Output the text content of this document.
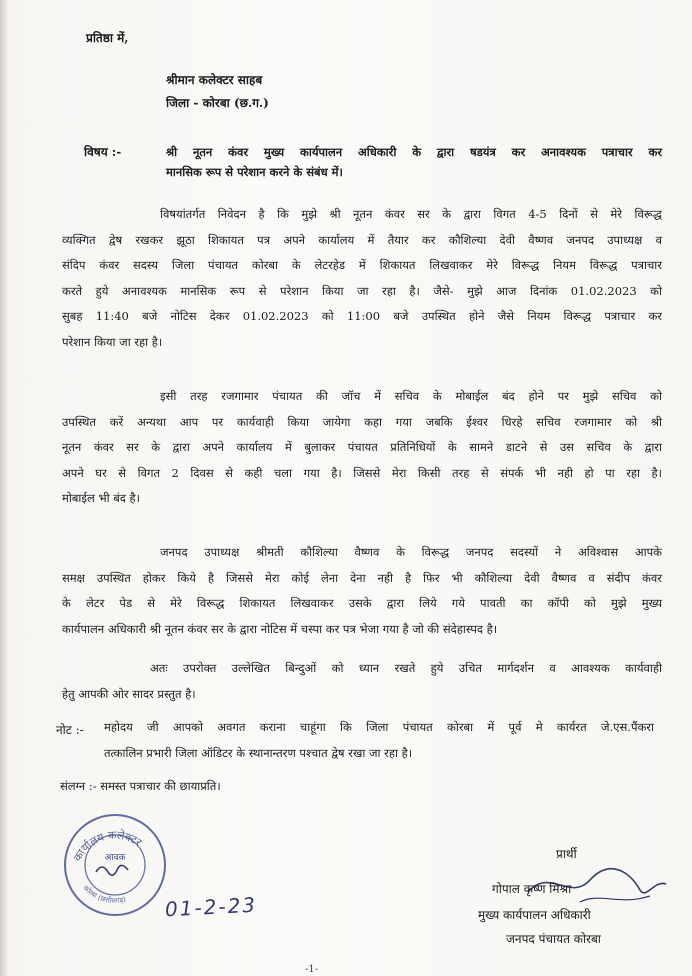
प्रतिष्ठा में,
श्रीमान कलेक्टर साहब
जिला - कोरबा (छ.ग.)
विषय :-	श्री नूतन कंवर मुख्य कार्यपालन अधिकारी के द्वारा षडयंत्र कर अनावश्यक पत्राचार कर
मानसिक रूप से परेशान करने के संबंध में।
विषयांतर्गत निवेदन है कि मुझे श्री नूतन कंवर सर के द्वारा विगत 4-5 दिनों से मेरे विरूद्ध
व्यक्गित द्वेष रखकर झूठा शिकायत पत्र अपने कार्यालय में तैयार कर कौशिल्या देवी वैष्णव जनपद उपाध्यक्ष व
संदिप कंवर सदस्य जिला पंचायत कोरबा के लेटरहेड में शिकायत लिखवाकर मेरे विरूद्ध नियम विरूद्ध पत्राचार
करते हुये अनावश्यक मानसिक रूप से परेशान किया जा रहा है। जैसे- मुझे आज दिनांक 01.02.2023 को
सुबह 11:40 बजे नोटिस देकर 01.02.2023 को 11:00 बजे उपस्थित होने जैसे नियम विरूद्ध पत्राचार कर
परेशान किया जा रहा है।
इसी तरह रजगामार पंचायत की जॉच में सचिव के मोबाईल बंद होने पर मुझे सचिव को
उपस्थित करें अन्यथा आप पर कार्यवाही किया जायेगा कहा गया जबकि ईश्वर धिरहे सचिव रजगामार को श्री
नूतन कंवर सर के द्वारा अपने कार्यालय में बुलाकर पंचायत प्रतिनिधियों के सामने डाटने से उस सचिव के द्वारा
अपने घर से विगत 2 दिवस से कही चला गया है। जिससे मेरा किसी तरह से संपर्क भी नही हो पा रहा है।
मोबाईल भी बंद है।
जनपद उपाध्यक्ष श्रीमती कौशिल्या वैष्णव के विरूद्ध जनपद सदस्यों ने अविश्वास आपके
समक्ष उपस्थित होकर किये है जिससे मेरा कोई लेना देना नही है फिर भी कौशिल्या देवी वैष्णव व संदीप कंवर
के लेटर पेड से मेरे विरूद्ध शिकायत लिखवाकर उसके द्वारा लिये गये पावती का कॉपी को मुझे मुख्य
कार्यपालन अधिकारी श्री नूतन कंवर सर के द्वारा नोटिस में चस्पा कर पत्र भेजा गया है जो की संदेहास्पद है।
अतः उपरोक्त उल्लेखित बिन्दुओं को ध्यान रखते हुये उचित मार्गदर्शन व आवश्यक कार्यवाही
हेतु आपकी ओर सादर प्रस्तुत है।
नोट :- महोदय जी आपको अवगत कराना चाहूंगा कि जिला पंचायत कोरबा में पूर्व मे कार्यरत जे.एस.पैंकरा
तत्कालिन प्रभारी जिला ऑडिटर के स्थानान्तरण पश्चात द्वेष रखा जा रहा है।
संलग्न :- समस्त पत्राचार की छायाप्रति।
कार्यालय कलेक्टर
कोरबा (छत्तीसगढ़)
आवक
01-2-23
प्रार्थी
गोपाल कृष्ण मिश्रा
मुख्य कार्यपालन अधिकारी
जनपद पंचायत कोरबा
-1-
